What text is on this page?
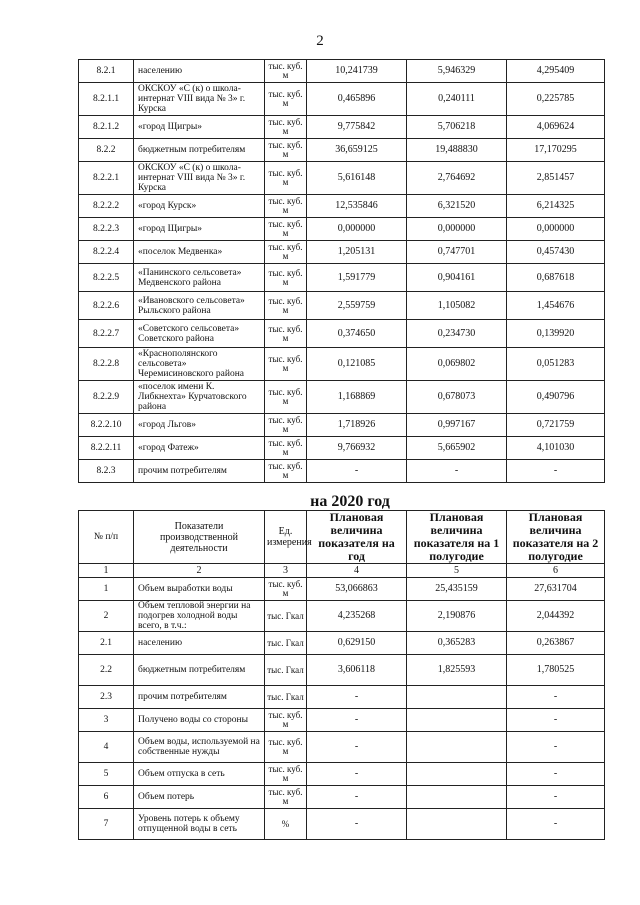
2
8.2.1	населению	тыс. куб. м	10,241739	5,946329	4,295409
8.2.1.1	ОКСКОУ «С (к) о школа-интернат VIII вида № 3» г. Курска	тыс. куб. м	0,465896	0,240111	0,225785
8.2.1.2	«город Щигры»	тыс. куб. м	9,775842	5,706218	4,069624
8.2.2	бюджетным потребителям	тыс. куб. м	36,659125	19,488830	17,170295
8.2.2.1	ОКСКОУ «С (к) о школа-интернат VIII вида № 3» г. Курска	тыс. куб. м	5,616148	2,764692	2,851457
8.2.2.2	«город Курск»	тыс. куб. м	12,535846	6,321520	6,214325
8.2.2.3	«город Щигры»	тыс. куб. м	0,000000	0,000000	0,000000
8.2.2.4	«поселок Медвенка»	тыс. куб. м	1,205131	0,747701	0,457430
8.2.2.5	«Панинского сельсовета» Медвенского района	тыс. куб. м	1,591779	0,904161	0,687618
8.2.2.6	«Ивановского сельсовета» Рыльского района	тыс. куб. м	2,559759	1,105082	1,454676
8.2.2.7	«Советского сельсовета» Советского района	тыс. куб. м	0,374650	0,234730	0,139920
8.2.2.8	«Краснополянского сельсовета» Черемисиновского района	тыс. куб. м	0,121085	0,069802	0,051283
8.2.2.9	«поселок имени К. Либкнехта» Курчатовского района	тыс. куб. м	1,168869	0,678073	0,490796
8.2.2.10	«город Льгов»	тыс. куб. м	1,718926	0,997167	0,721759
8.2.2.11	«город Фатеж»	тыс. куб. м	9,766932	5,665902	4,101030
8.2.3	прочим потребителям	тыс. куб. м	-	-	-
на 2020 год
№ п/п	Показатели производственной деятельности	Ед. измерения	Плановая величина показателя на год	Плановая величина показателя на 1 полугодие	Плановая величина показателя на 2 полугодие
1	2	3	4	5	6
1	Объем выработки воды	тыс. куб. м	53,066863	25,435159	27,631704
2	Объем тепловой энергии на подогрев холодной воды всего, в т.ч.:	тыс. Гкал	4,235268	2,190876	2,044392
2.1	населению	тыс. Гкал	0,629150	0,365283	0,263867
2.2	бюджетным потребителям	тыс. Гкал	3,606118	1,825593	1,780525
2.3	прочим потребителям	тыс. Гкал	-		-
3	Получено воды со стороны	тыс. куб. м	-		-
4	Объем воды, используемой на собственные нужды	тыс. куб. м	-		-
5	Объем отпуска в сеть	тыс. куб. м	-		-
6	Объем потерь	тыс. куб. м	-		-
7	Уровень потерь к объему отпущенной воды в сеть	%	-		-
